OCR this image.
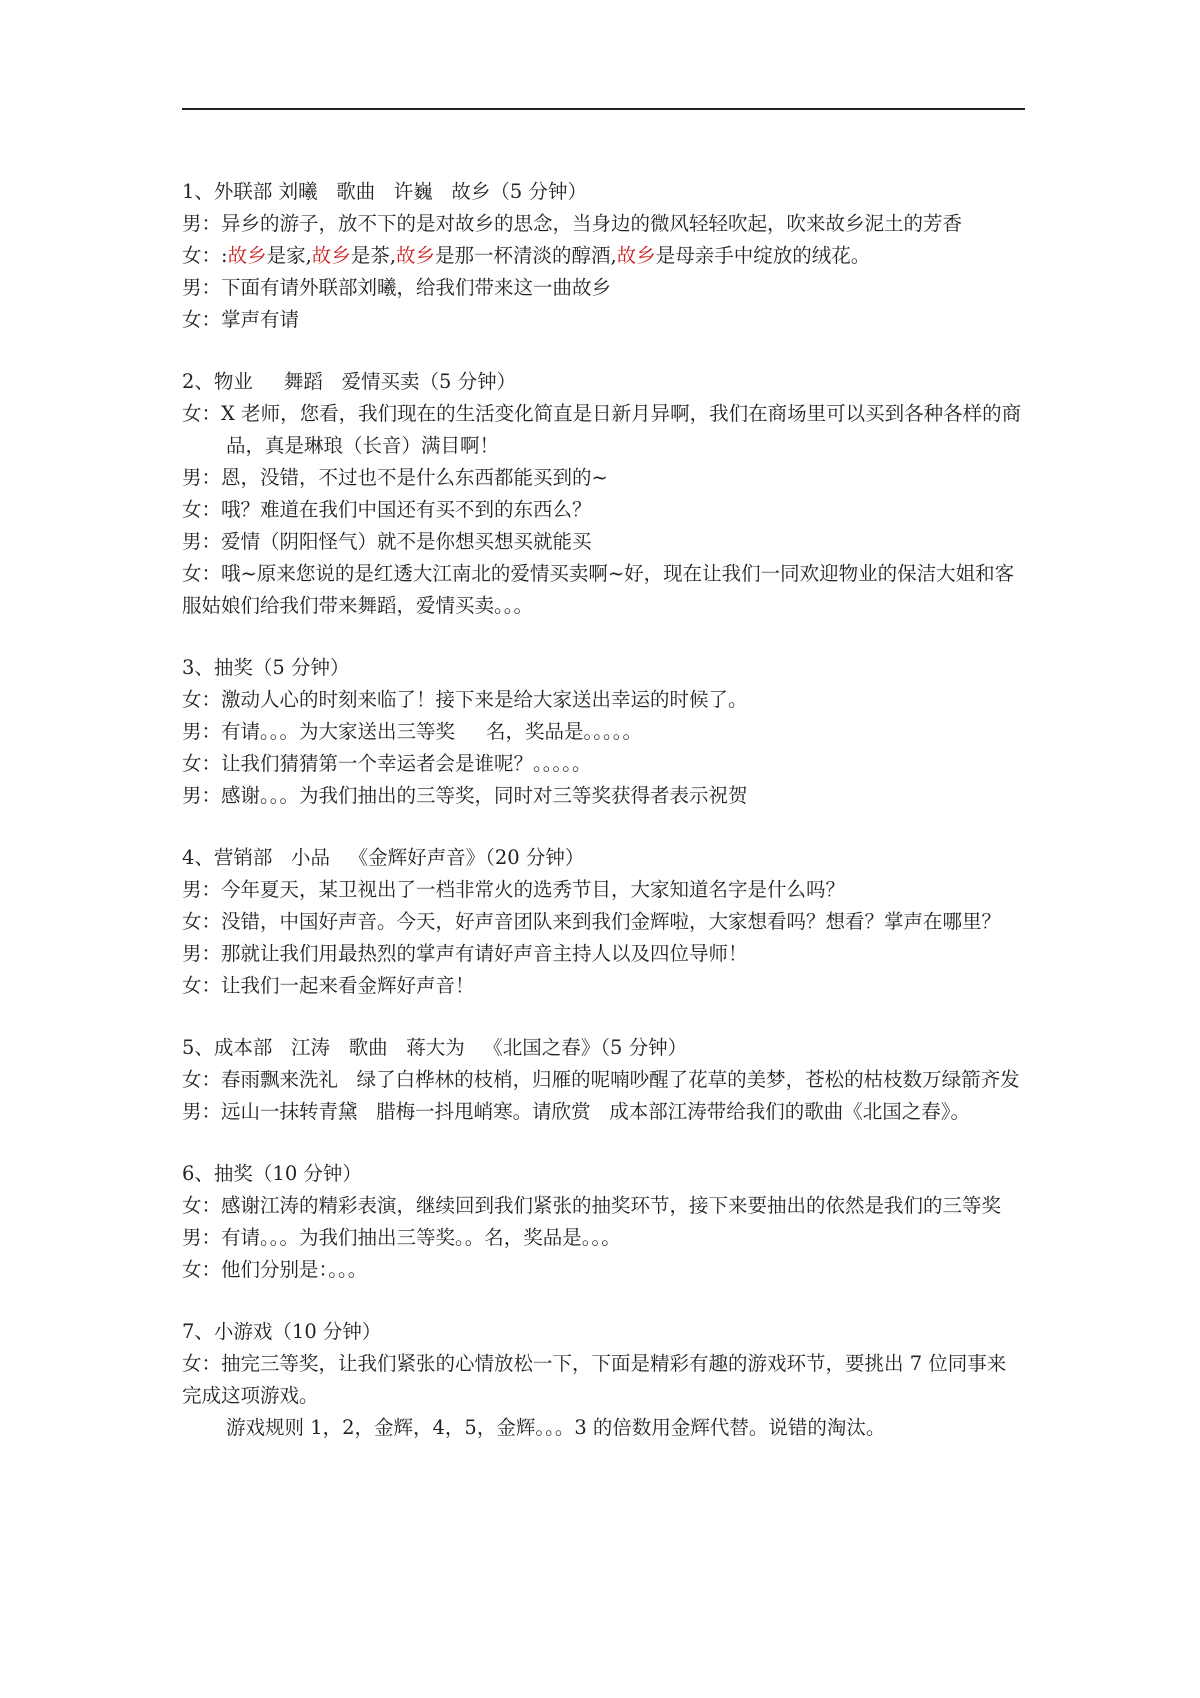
1、外联部 刘曦   歌曲   许巍   故乡（5 分钟）
男：异乡的游子，放不下的是对故乡的思念，当身边的微风轻轻吹起，吹来故乡泥土的芳香
女：:故乡是家,故乡是茶,故乡是那一杯清淡的醇酒,故乡是母亲手中绽放的绒花。
男：下面有请外联部刘曦，给我们带来这一曲故乡
女：掌声有请
2、物业     舞蹈   爱情买卖（5 分钟）
女：X 老师，您看，我们现在的生活变化简直是日新月异啊，我们在商场里可以买到各种各样的商品，真是琳琅（长音）满目啊！
男：恩，没错，不过也不是什么东西都能买到的~
女：哦？难道在我们中国还有买不到的东西么？
男：爱情（阴阳怪气）就不是你想买想买就能买
女：哦~原来您说的是红透大江南北的爱情买卖啊~好，现在让我们一同欢迎物业的保洁大姐和客服姑娘们给我们带来舞蹈，爱情买卖。。。
3、抽奖（5 分钟）
女：激动人心的时刻来临了！接下来是给大家送出幸运的时候了。
男：有请。。。为大家送出三等奖     名，奖品是。。。。。
女：让我们猜猜第一个幸运者会是谁呢？。。。。。
男：感谢。。。为我们抽出的三等奖，同时对三等奖获得者表示祝贺
4、营销部   小品   《金辉好声音》（20 分钟）
男：今年夏天，某卫视出了一档非常火的选秀节目，大家知道名字是什么吗？
女：没错，中国好声音。今天，好声音团队来到我们金辉啦，大家想看吗？想看？掌声在哪里？
男：那就让我们用最热烈的掌声有请好声音主持人以及四位导师！
女：让我们一起来看金辉好声音！
5、成本部   江涛   歌曲   蒋大为   《北国之春》（5 分钟）
女：春雨飘来洗礼   绿了白桦林的枝梢，归雁的呢喃吵醒了花草的美梦，苍松的枯枝数万绿箭齐发
男：远山一抹转青黛   腊梅一抖甩峭寒。请欣赏   成本部江涛带给我们的歌曲《北国之春》。
6、抽奖（10 分钟）
女：感谢江涛的精彩表演，继续回到我们紧张的抽奖环节，接下来要抽出的依然是我们的三等奖
男：有请。。。为我们抽出三等奖。。名，奖品是。。。
女：他们分别是：。。。
7、小游戏（10 分钟）
女：抽完三等奖，让我们紧张的心情放松一下，下面是精彩有趣的游戏环节，要挑出 7 位同事来完成这项游戏。
游戏规则 1，2，金辉，4，5，金辉。。。3 的倍数用金辉代替。说错的淘汰。
